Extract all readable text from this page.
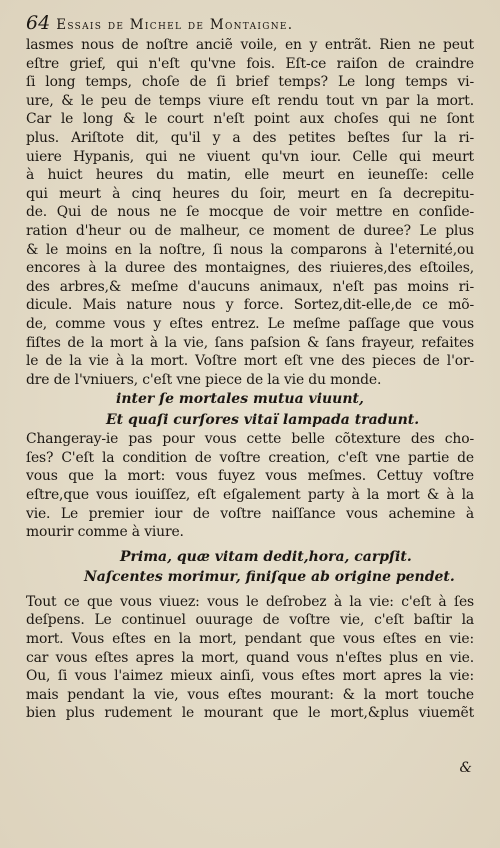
64 Essais de Michel de Montaigne.
lasmes nous de noſtre anciẽ voile, en y entrãt. Rien ne peut
eſtre grief, qui n'eſt qu'vne fois. Eſt-ce raiſon de craindre
ſi long temps, choſe de ſi brief temps? Le long temps vi-
ure, & le peu de temps viure eſt rendu tout vn par la mort.
Car le long & le court n'eſt point aux choſes qui ne ſont
plus. Ariſtote dit, qu'il y a des petites beſtes ſur la ri-
uiere Hypanis, qui ne viuent qu'vn iour. Celle qui meurt
à huict heures du matin, elle meurt en ieuneſſe: celle
qui meurt à cinq heures du ſoir, meurt en ſa decrepitu-
de. Qui de nous ne ſe mocque de voir mettre en conſide-
ration d'heur ou de malheur, ce moment de duree? Le plus
& le moins en la noſtre, ſi nous la comparons à l'eternité,ou
encores à la duree des montaignes, des riuieres,des eſtoiles,
des arbres,& meſme d'aucuns animaux, n'eſt pas moins ri-
dicule. Mais nature nous y force. Sortez,dit-elle,de ce mõ-
de, comme vous y eſtes entrez. Le meſme paſſage que vous
fiſtes de la mort à la vie, ſans paſsion & ſans frayeur, refaites
le de la vie à la mort. Voſtre mort eſt vne des pieces de l'or-
dre de l'vniuers, c'eſt vne piece de la vie du monde.
inter ſe mortales mutua viuunt,
Et quaſi curſores vitaï lampada tradunt.
Changeray-ie pas pour vous cette belle cõtexture des cho-
ſes? C'eſt la condition de voſtre creation, c'eſt vne partie de
vous que la mort: vous fuyez vous meſmes. Cettuy voſtre
eſtre,que vous iouiſſez, eſt eſgalement party à la mort & à la
vie. Le premier iour de voſtre naiſſance vous achemine à
mourir comme à viure.
Prima, quæ vitam dedit,hora, carpſit.
Naſcentes morimur, finiſque ab origine pendet.
Tout ce que vous viuez: vous le deſrobez à la vie: c'eſt à ſes
deſpens. Le continuel ouurage de voſtre vie, c'eſt baſtir la
mort. Vous eſtes en la mort, pendant que vous eſtes en vie:
car vous eſtes apres la mort, quand vous n'eſtes plus en vie.
Ou, ſi vous l'aimez mieux ainſi, vous eſtes mort apres la vie:
mais pendant la vie, vous eſtes mourant: & la mort touche
bien plus rudement le mourant que le mort,&plus viuemẽt
&
